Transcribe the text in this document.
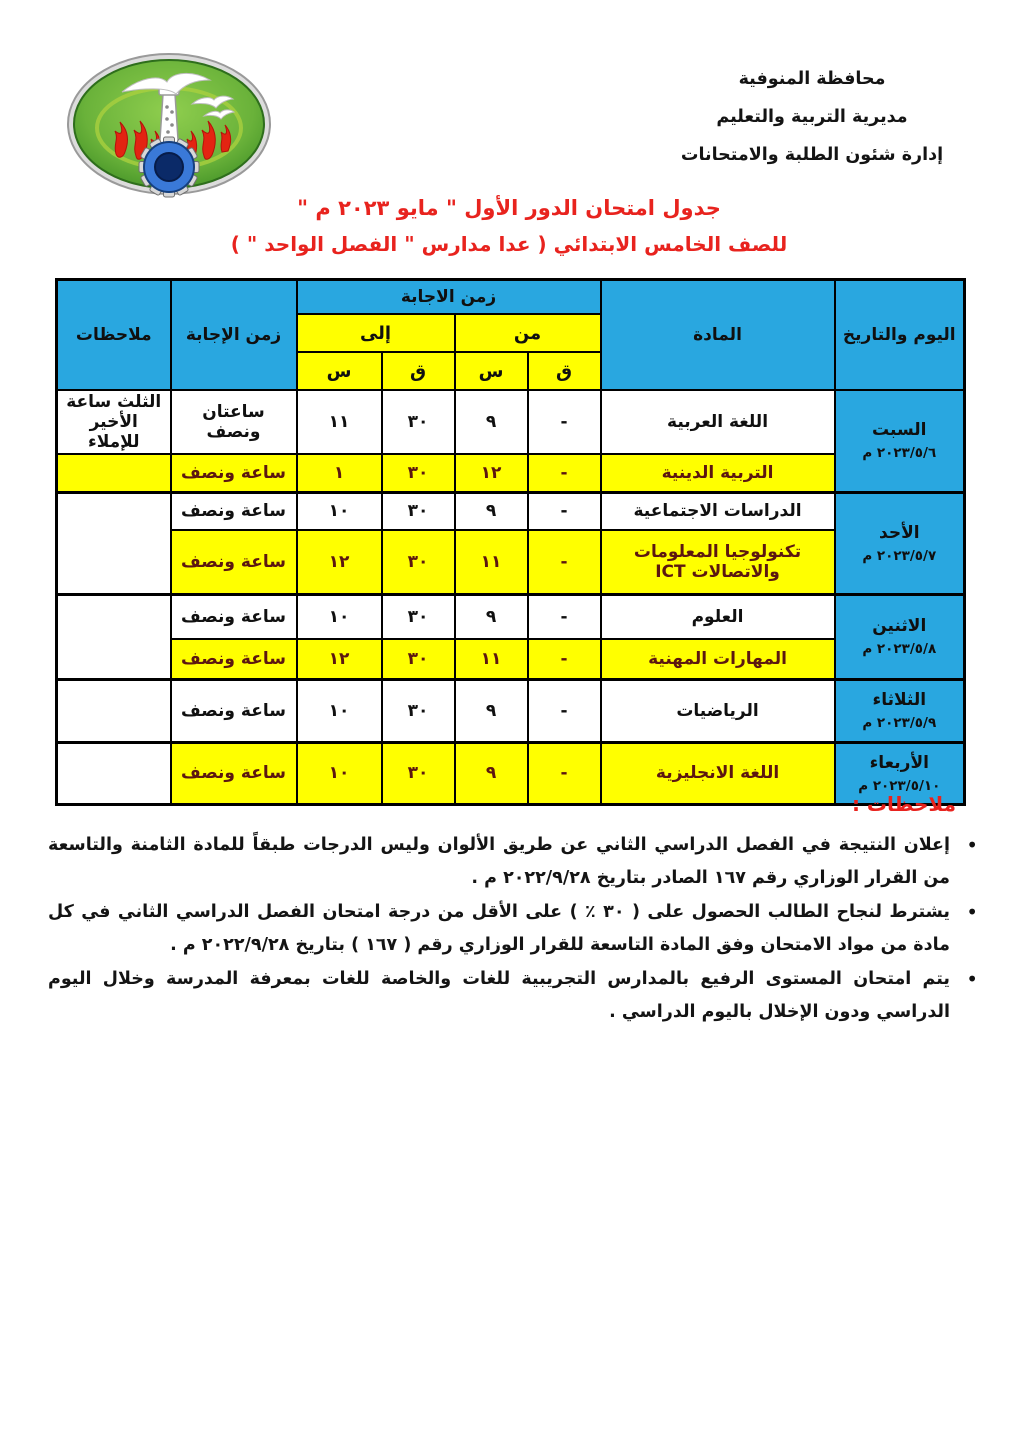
محافظة المنوفية
مديرية التربية والتعليم
إدارة شئون الطلبة والامتحانات
جدول امتحان الدور الأول " مايو ٢٠٢٣ م "
للصف الخامس الابتدائي ( عدا مدارس " الفصل الواحد " )
اليوم والتاريخ	المادة	زمن الاجابة				زمن الإجابة	ملاحظات
		من		إلى			
		ق	س	ق	س		

السبت
٢٠٢٣/٥/٦ م	اللغة العربية	-	٩	٣٠	١١	ساعتان ونصف	الثلث ساعة الأخير للإملاء
	التربية الدينية	-	١٢	٣٠	١	ساعة ونصف	

الأحد
٢٠٢٣/٥/٧ م	الدراسات الاجتماعية	-	٩	٣٠	١٠	ساعة ونصف	
	تكنولوجيا المعلومات والاتصالات ICT	-	١١	٣٠	١٢	ساعة ونصف	

الاثنين
٢٠٢٣/٥/٨ م	العلوم	-	٩	٣٠	١٠	ساعة ونصف	
	المهارات المهنية	-	١١	٣٠	١٢	ساعة ونصف	

الثلاثاء
٢٠٢٣/٥/٩ م	الرياضيات	-	٩	٣٠	١٠	ساعة ونصف	

الأربعاء
٢٠٢٣/٥/١٠ م	اللغة الانجليزية	-	٩	٣٠	١٠	ساعة ونصف	
ملاحظات :
•
إعلان النتيجة في الفصل الدراسي الثاني عن طريق الألوان وليس الدرجات طبقاً للمادة الثامنة والتاسعة من القرار الوزاري رقم ١٦٧ الصادر بتاريخ ٢٠٢٢/٩/٢٨ م .
•
يشترط لنجاح الطالب الحصول على ( ٣٠ ٪ ) على الأقل من درجة امتحان الفصل الدراسي الثاني في كل مادة من مواد الامتحان وفق المادة التاسعة للقرار الوزاري رقم ( ١٦٧ ) بتاريخ ٢٠٢٢/٩/٢٨ م .
•
يتم امتحان المستوى الرفيع بالمدارس التجريبية للغات والخاصة للغات بمعرفة المدرسة وخلال اليوم الدراسي ودون الإخلال باليوم الدراسي .
